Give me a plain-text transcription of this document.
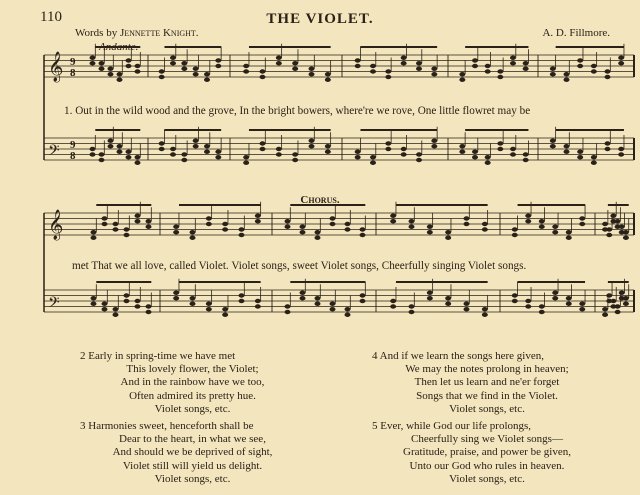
110	THE VIOLET.
Words by Jennette Knight.	A. D. Fillmore.
Andante.
𝄞 9
8
𝄢 9
8
𝄞
𝄢
1. Out in the wild wood and the grove, In the bright bowers, where're we rove, One little flowret may be
Chorus.
met That we all love, called Violet. Violet songs, sweet Violet songs, Cheerfully singing Violet songs.
2 Early in spring-time we have met
This lovely flower, the Violet;
And in the rainbow have we too,
Often admired its pretty hue.
Violet songs, etc.
3 Harmonies sweet, henceforth shall be
Dear to the heart, in what we see,
And should we be deprived of sight,
Violet still will yield us delight.
Violet songs, etc.
4 And if we learn the songs here given,
We may the notes prolong in heaven;
Then let us learn and ne'er forget
Songs that we find in the Violet.
Violet songs, etc.
5 Ever, while God our life prolongs,
Cheerfully sing we Violet songs—
Gratitude, praise, and power be given,
Unto our God who rules in heaven.
Violet songs, etc.
